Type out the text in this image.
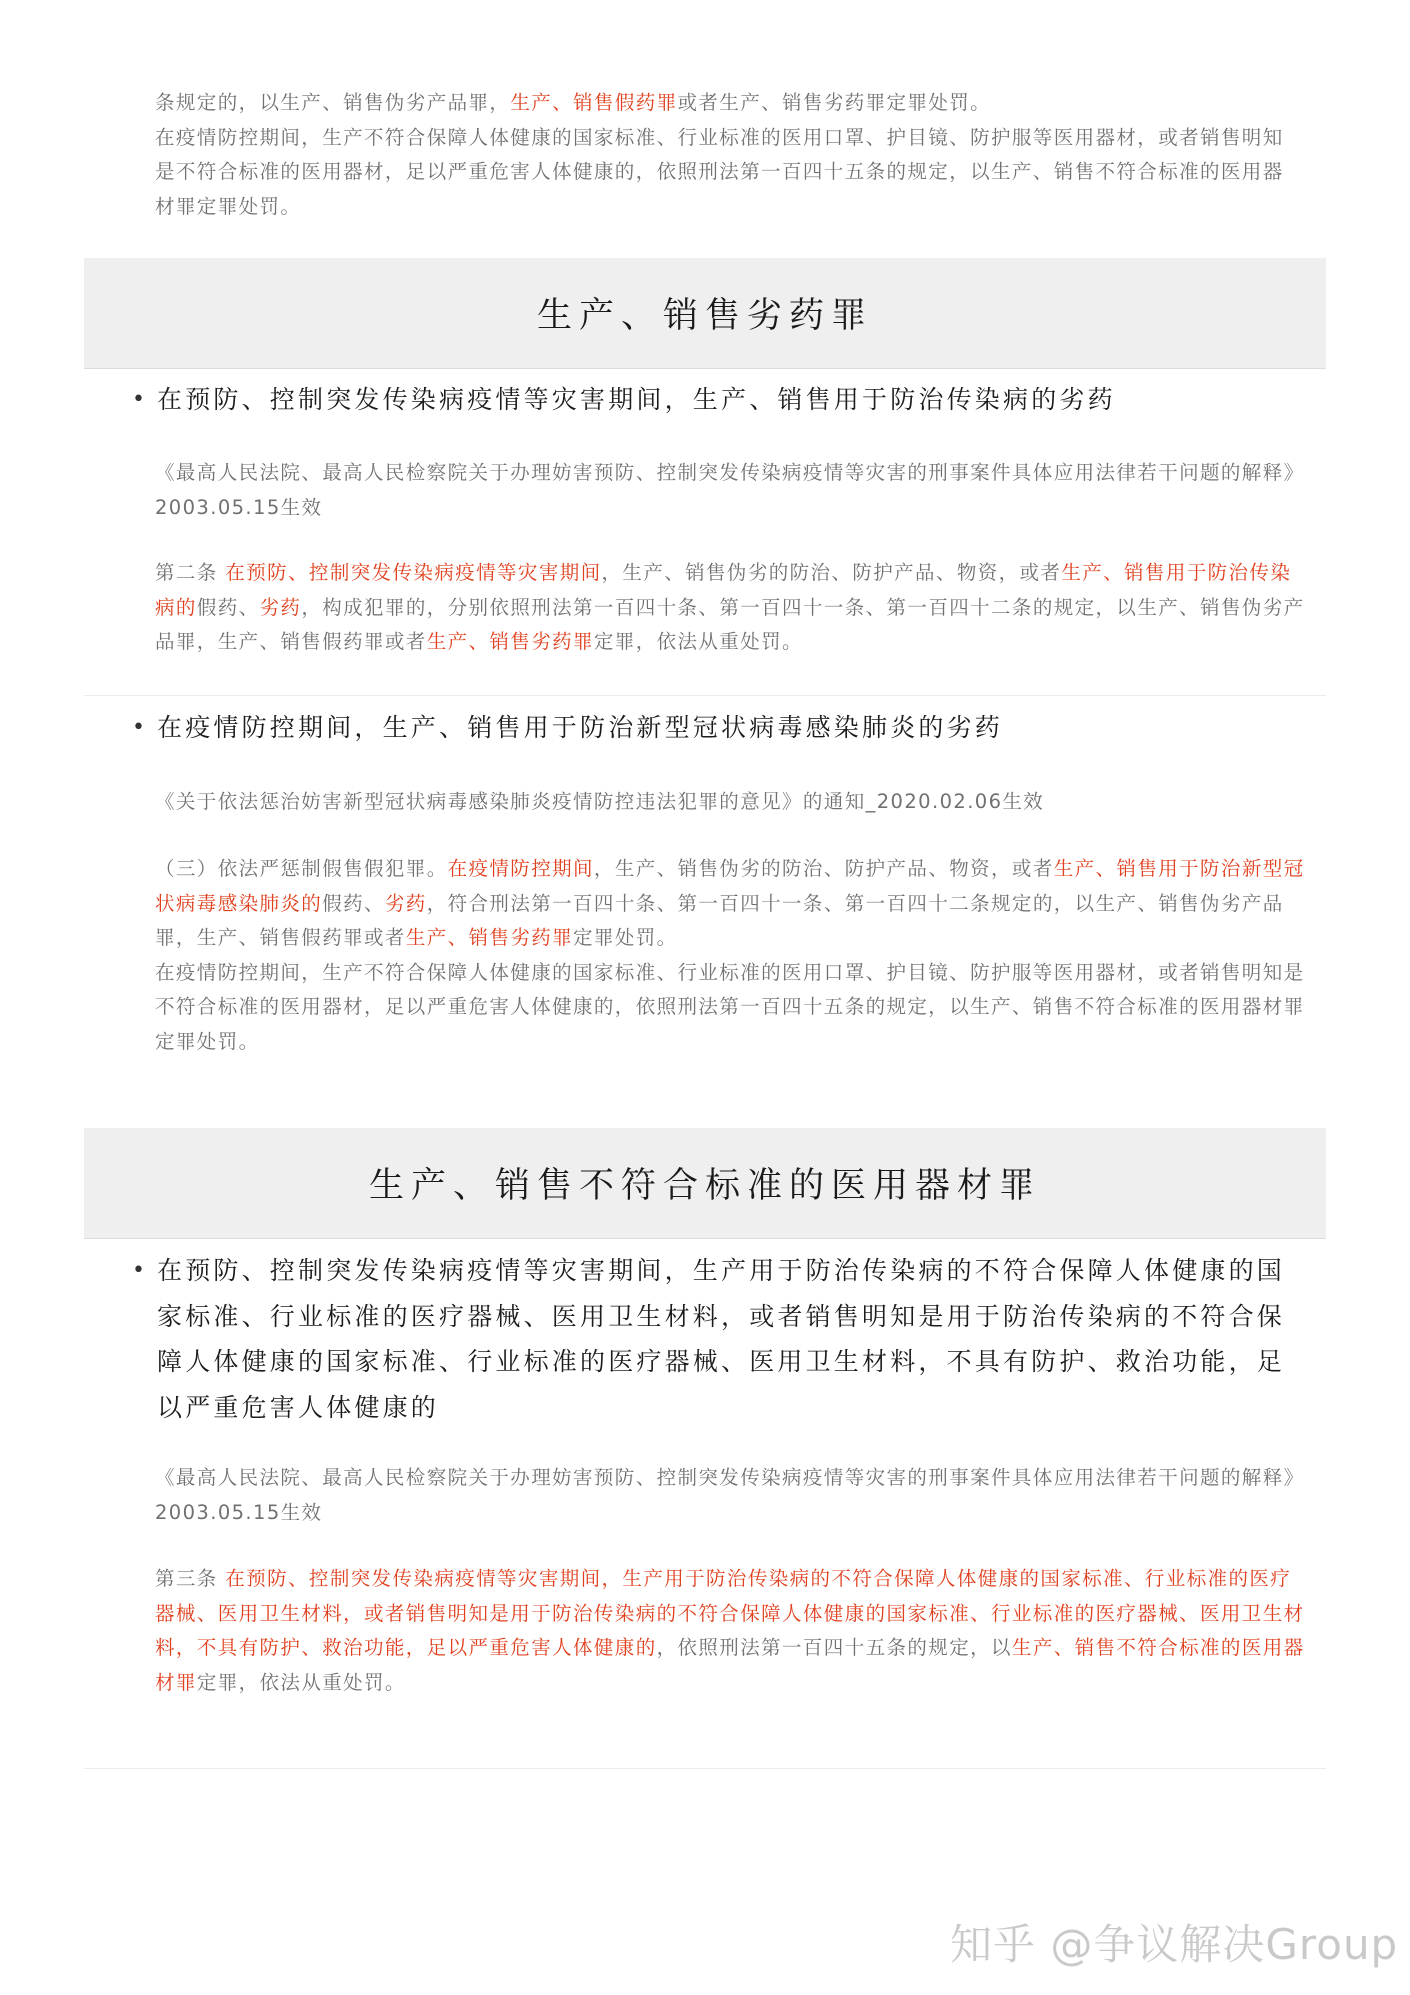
条规定的，以生产、销售伪劣产品罪，生产、销售假药罪或者生产、销售劣药罪定罪处罚。

在疫情防控期间，生产不符合保障人体健康的国家标准、行业标准的医用口罩、护目镜、防护服等医用器材，或者销售明知是不符合标准的医用器材，足以严重危害人体健康的，依照刑法第一百四十五条的规定，以生产、销售不符合标准的医用器材罪定罪处罚。

生产、销售劣药罪

• 在预防、控制突发传染病疫情等灾害期间，生产、销售用于防治传染病的劣药

《最高人民法院、最高人民检察院关于办理妨害预防、控制突发传染病疫情等灾害的刑事案件具体应用法律若干问题的解释》2003.05.15生效

第二条 在预防、控制突发传染病疫情等灾害期间，生产、销售伪劣的防治、防护产品、物资，或者生产、销售用于防治传染病的假药、劣药，构成犯罪的，分别依照刑法第一百四十条、第一百四十一条、第一百四十二条的规定，以生产、销售伪劣产品罪，生产、销售假药罪或者生产、销售劣药罪定罪，依法从重处罚。

• 在疫情防控期间，生产、销售用于防治新型冠状病毒感染肺炎的劣药

《关于依法惩治妨害新型冠状病毒感染肺炎疫情防控违法犯罪的意见》的通知_2020.02.06生效

（三）依法严惩制假售假犯罪。在疫情防控期间，生产、销售伪劣的防治、防护产品、物资，或者生产、销售用于防治新型冠状病毒感染肺炎的假药、劣药，符合刑法第一百四十条、第一百四十一条、第一百四十二条规定的，以生产、销售伪劣产品罪，生产、销售假药罪或者生产、销售劣药罪定罪处罚。

在疫情防控期间，生产不符合保障人体健康的国家标准、行业标准的医用口罩、护目镜、防护服等医用器材，或者销售明知是不符合标准的医用器材，足以严重危害人体健康的，依照刑法第一百四十五条的规定，以生产、销售不符合标准的医用器材罪定罪处罚。

生产、销售不符合标准的医用器材罪

• 在预防、控制突发传染病疫情等灾害期间，生产用于防治传染病的不符合保障人体健康的国家标准、行业标准的医疗器械、医用卫生材料，或者销售明知是用于防治传染病的不符合保障人体健康的国家标准、行业标准的医疗器械、医用卫生材料，不具有防护、救治功能，足以严重危害人体健康的

《最高人民法院、最高人民检察院关于办理妨害预防、控制突发传染病疫情等灾害的刑事案件具体应用法律若干问题的解释》2003.05.15生效

第三条 在预防、控制突发传染病疫情等灾害期间，生产用于防治传染病的不符合保障人体健康的国家标准、行业标准的医疗器械、医用卫生材料，或者销售明知是用于防治传染病的不符合保障人体健康的国家标准、行业标准的医疗器械、医用卫生材料，不具有防护、救治功能，足以严重危害人体健康的，依照刑法第一百四十五条的规定，以生产、销售不符合标准的医用器材罪定罪，依法从重处罚。

知乎 @争议解决Group
